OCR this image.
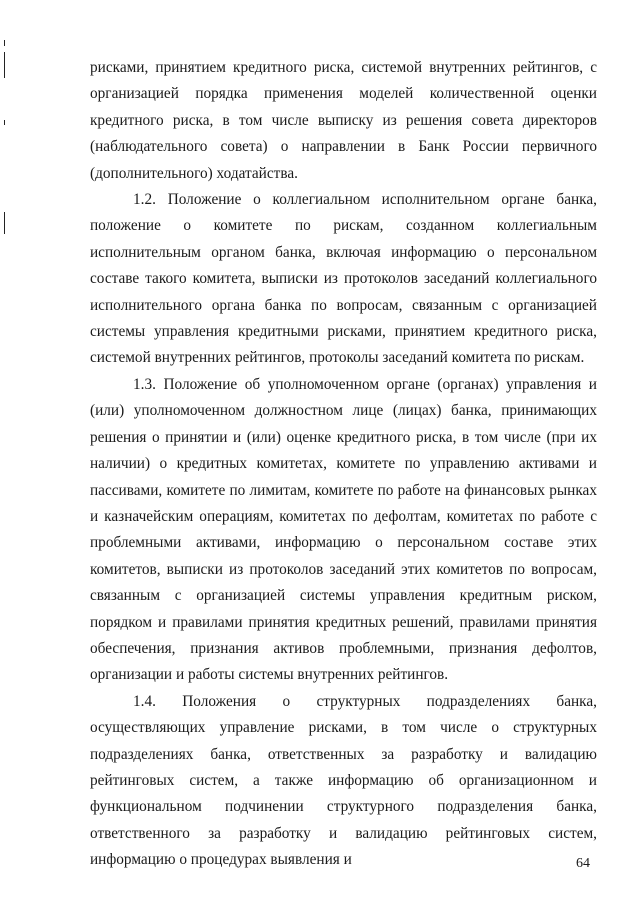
рисками, принятием кредитного риска, системой внутренних рейтингов, с организацией порядка применения моделей количественной оценки кредитного риска, в том числе выписку из решения совета директоров (наблюдательного совета) о направлении в Банк России первичного (дополнительного) ходатайства.

1.2. Положение о коллегиальном исполнительном органе банка, положение о комитете по рискам, созданном коллегиальным исполнительным органом банка, включая информацию о персональном составе такого комитета, выписки из протоколов заседаний коллегиального исполнительного органа банка по вопросам, связанным с организацией системы управления кредитными рисками, принятием кредитного риска, системой внутренних рейтингов, протоколы заседаний комитета по рискам.

1.3. Положение об уполномоченном органе (органах) управления и (или) уполномоченном должностном лице (лицах) банка, принимающих решения о принятии и (или) оценке кредитного риска, в том числе (при их наличии) о кредитных комитетах, комитете по управлению активами и пассивами, комитете по лимитам, комитете по работе на финансовых рынках и казначейским операциям, комитетах по дефолтам, комитетах по работе с проблемными активами, информацию о персональном составе этих комитетов, выписки из протоколов заседаний этих комитетов по вопросам, связанным с организацией системы управления кредитным риском, порядком и правилами принятия кредитных решений, правилами принятия обеспечения, признания активов проблемными, признания дефолтов, организации и работы системы внутренних рейтингов.

1.4. Положения о структурных подразделениях банка, осуществляющих управление рисками, в том числе о структурных подразделениях банка, ответственных за разработку и валидацию рейтинговых систем, а также информацию об организационном и функциональном подчинении структурного подразделения банка, ответственного за разработку и валидацию рейтинговых систем, информацию о процедурах выявления и	64
